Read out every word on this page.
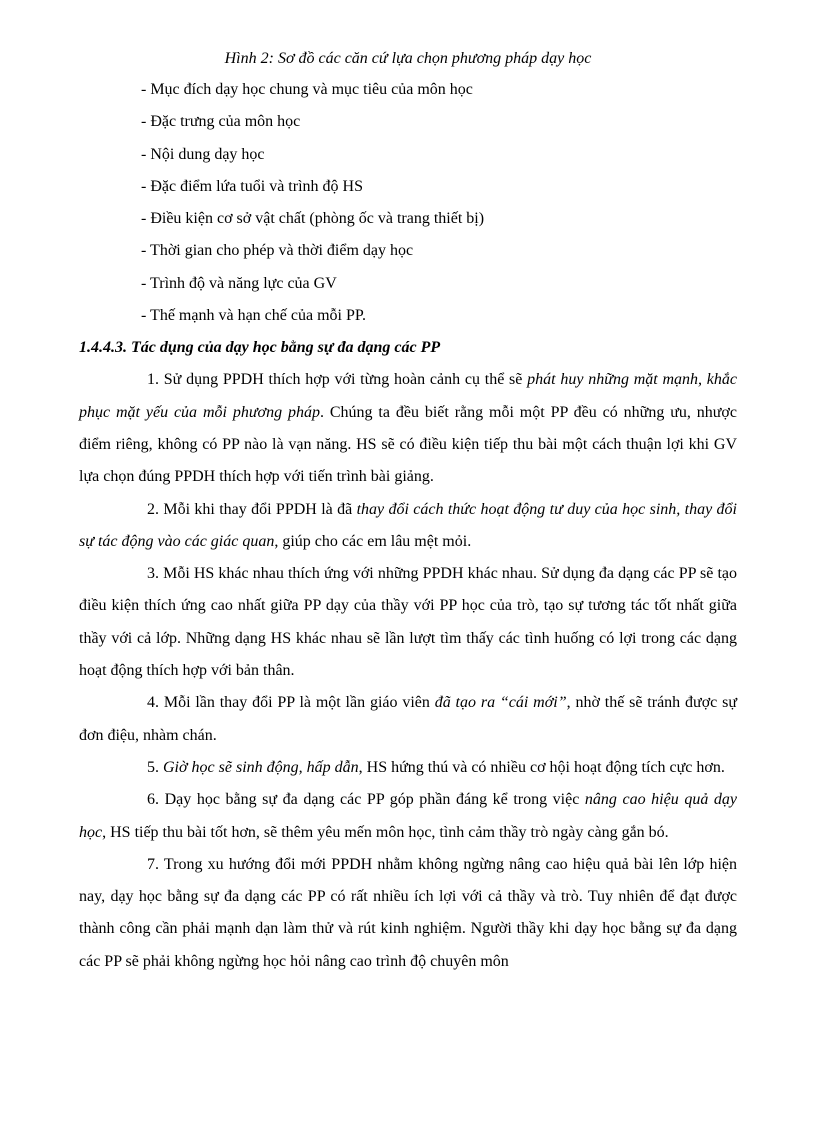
Hình 2: Sơ đồ các căn cứ lựa chọn phương pháp dạy học
- Mục đích dạy học chung và mục tiêu của môn học
- Đặc trưng của môn học
- Nội dung dạy học
- Đặc điểm lứa tuổi và trình độ HS
- Điều kiện cơ sở vật chất (phòng ốc và trang thiết bị)
- Thời gian cho phép và thời điểm dạy học
- Trình độ và năng lực của GV
- Thế mạnh và hạn chế của mỗi PP.

1.4.4.3. Tác dụng của dạy học bằng sự đa dạng các PP

1. Sử dụng PPDH thích hợp với từng hoàn cảnh cụ thể sẽ phát huy những mặt mạnh, khắc phục mặt yếu của mỗi phương pháp. Chúng ta đều biết rằng mỗi một PP đều có những ưu, nhược điểm riêng, không có PP nào là vạn năng. HS sẽ có điều kiện tiếp thu bài một cách thuận lợi khi GV lựa chọn đúng PPDH thích hợp với tiến trình bài giảng.

2. Mỗi khi thay đổi PPDH là đã thay đổi cách thức hoạt động tư duy của học sinh, thay đổi sự tác động vào các giác quan, giúp cho các em lâu mệt mỏi.

3. Mỗi HS khác nhau thích ứng với những PPDH khác nhau. Sử dụng đa dạng các PP sẽ tạo điều kiện thích ứng cao nhất giữa PP dạy của thầy với PP học của trò, tạo sự tương tác tốt nhất giữa thầy với cả lớp. Những dạng HS khác nhau sẽ lần lượt tìm thấy các tình huống có lợi trong các dạng hoạt động thích hợp với bản thân.

4. Mỗi lần thay đổi PP là một lần giáo viên đã tạo ra “cái mới”, nhờ thế sẽ tránh được sự đơn điệu, nhàm chán.

5. Giờ học sẽ sinh động, hấp dẫn, HS hứng thú và có nhiều cơ hội hoạt động tích cực hơn.

6. Dạy học bằng sự đa dạng các PP góp phần đáng kể trong việc nâng cao hiệu quả dạy học, HS tiếp thu bài tốt hơn, sẽ thêm yêu mến môn học, tình cảm thầy trò ngày càng gắn bó.

7. Trong xu hướng đổi mới PPDH nhằm không ngừng nâng cao hiệu quả bài lên lớp hiện nay, dạy học bằng sự đa dạng các PP có rất nhiều ích lợi với cả thầy và trò. Tuy nhiên để đạt được thành công cần phải mạnh dạn làm thử và rút kinh nghiệm. Người thầy khi dạy học bằng sự đa dạng các PP sẽ phải không ngừng học hỏi nâng cao trình độ chuyên môn
